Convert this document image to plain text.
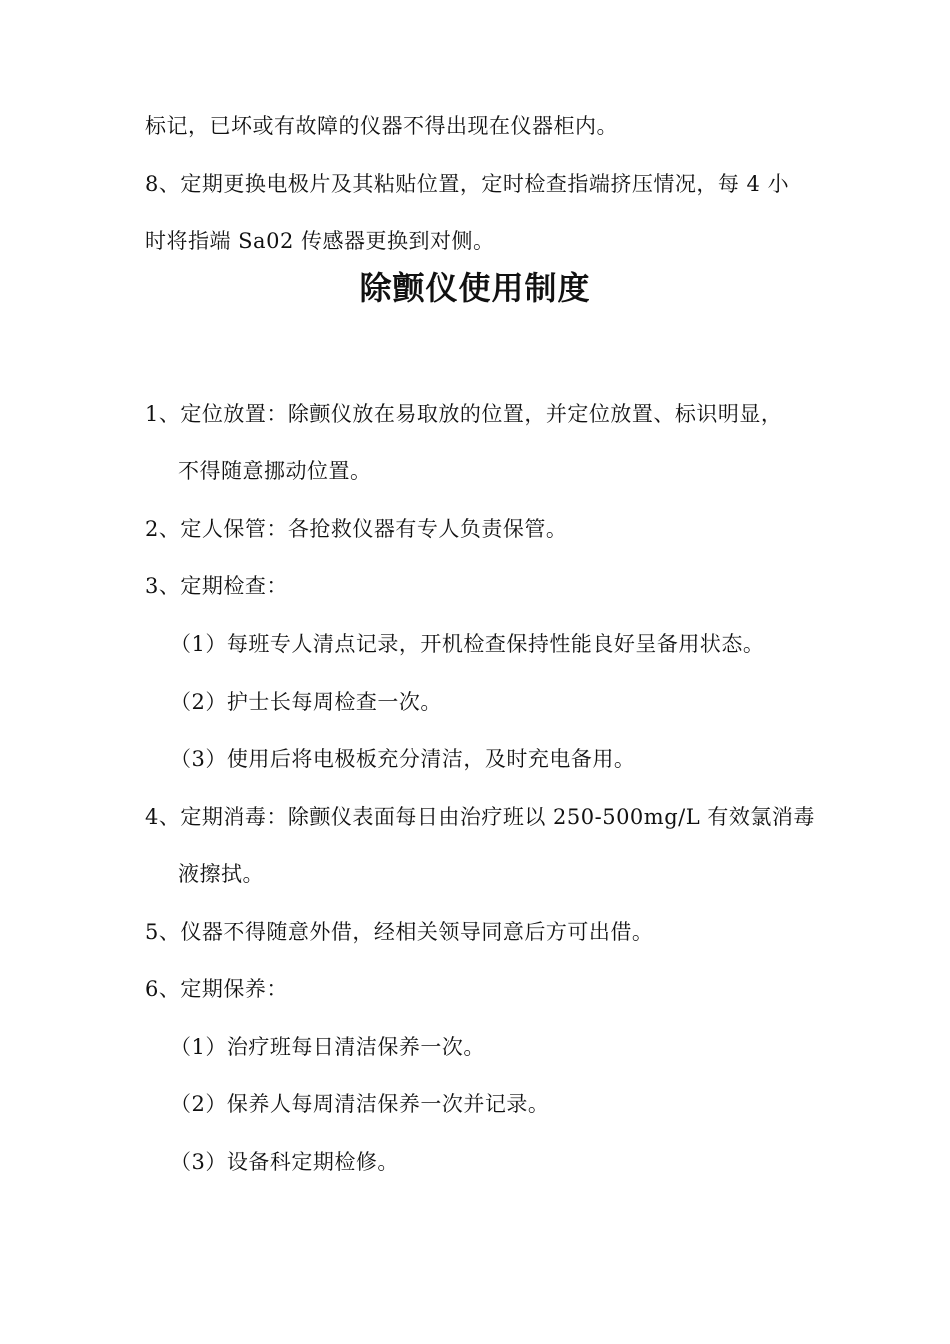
标记，已坏或有故障的仪器不得出现在仪器柜内。
8、定期更换电极片及其粘贴位置，定时检查指端挤压情况，每 4 小
时将指端 Sa02 传感器更换到对侧。
除颤仪使用制度
1、定位放置：除颤仪放在易取放的位置，并定位放置、标识明显，
不得随意挪动位置。
2、定人保管：各抢救仪器有专人负责保管。
3、定期检查：
（1）每班专人清点记录，开机检查保持性能良好呈备用状态。
（2）护士长每周检查一次。
（3）使用后将电极板充分清洁，及时充电备用。
4、定期消毒：除颤仪表面每日由治疗班以 250-500mg/L 有效氯消毒
液擦拭。
5、仪器不得随意外借，经相关领导同意后方可出借。
6、定期保养：
（1）治疗班每日清洁保养一次。
（2）保养人每周清洁保养一次并记录。
（3）设备科定期检修。
